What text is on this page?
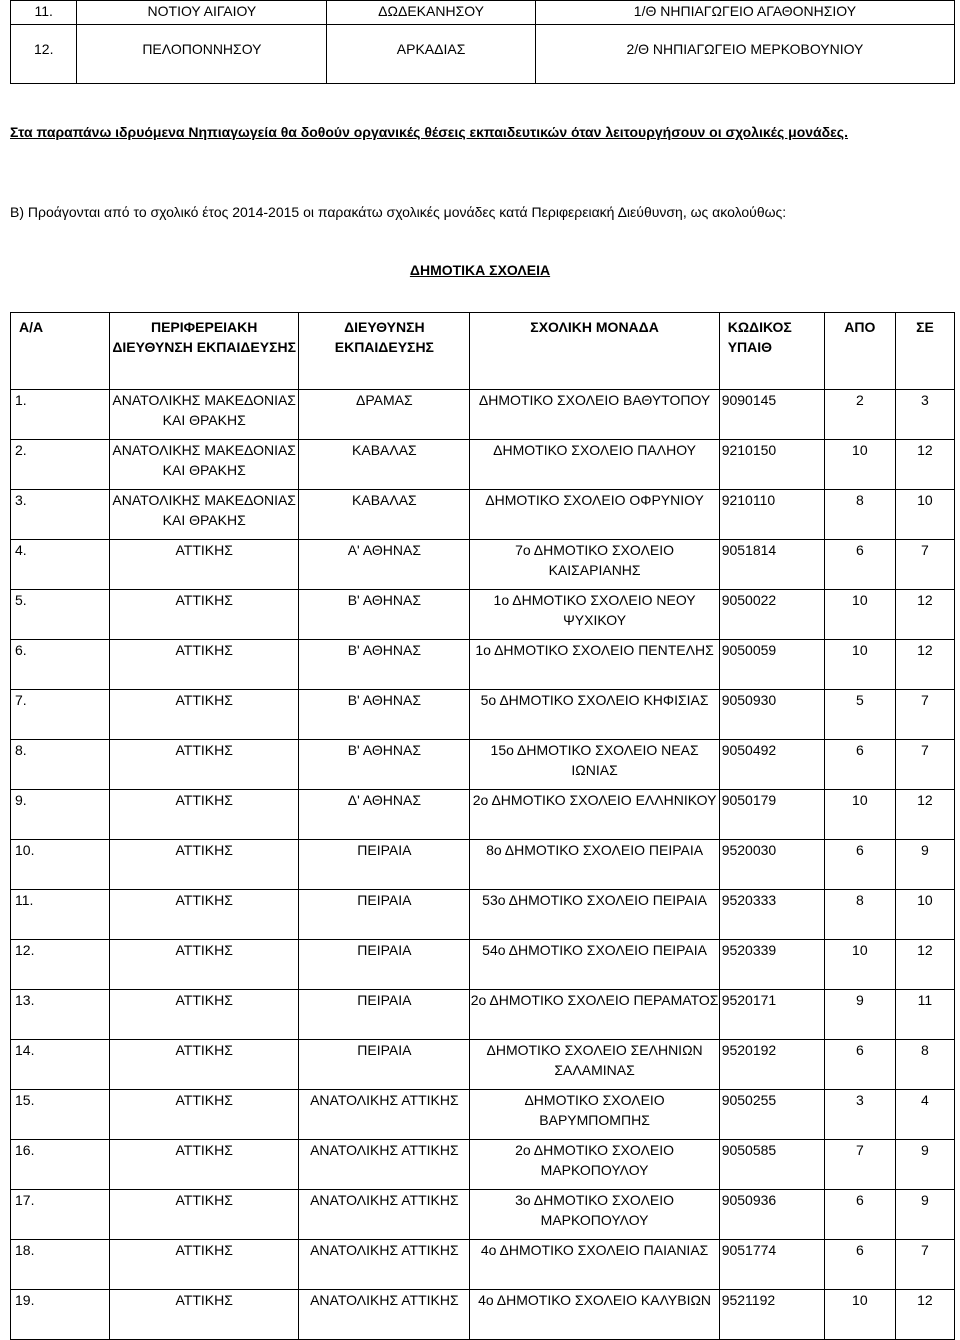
11.	ΝΟΤΙΟΥ ΑΙΓΑΙΟΥ	ΔΩΔΕΚΑΝΗΣΟΥ	1/Θ ΝΗΠΙΑΓΩΓΕΙΟ ΑΓΑΘΟΝΗΣΙΟΥ
12.	ΠΕΛΟΠΟΝΝΗΣΟΥ	ΑΡΚΑΔΙΑΣ	2/Θ ΝΗΠΙΑΓΩΓΕΙΟ ΜΕΡΚΟΒΟΥΝΙΟΥ
Στα παραπάνω ιδρυόμενα Νηπιαγωγεία θα δοθούν οργανικές θέσεις εκπαιδευτικών όταν λειτουργήσουν οι σχολικές μονάδες.
Β) Προάγονται από το σχολικό έτος 2014-2015 οι παρακάτω σχολικές μονάδες κατά Περιφερειακή Διεύθυνση, ως ακολούθως:
ΔΗΜΟΤΙΚΑ ΣΧΟΛΕΙΑ
Α/Α	ΠΕΡΙΦΕΡΕΙΑΚΗ ΔΙΕΥΘΥΝΣΗ ΕΚΠΑΙΔΕΥΣΗΣ	ΔΙΕΥΘΥΝΣΗ ΕΚΠΑΙΔΕΥΣΗΣ	ΣΧΟΛΙΚΗ ΜΟΝΑΔΑ	ΚΩΔΙΚΟΣ ΥΠΑΙΘ	ΑΠΟ	ΣΕ
1.	ΑΝΑΤΟΛΙΚΗΣ ΜΑΚΕΔΟΝΙΑΣ ΚΑΙ ΘΡΑΚΗΣ	ΔΡΑΜΑΣ	ΔΗΜΟΤΙΚΟ ΣΧΟΛΕΙΟ ΒΑΘΥΤΟΠΟΥ	9090145	2	3
2.	ΑΝΑΤΟΛΙΚΗΣ ΜΑΚΕΔΟΝΙΑΣ ΚΑΙ ΘΡΑΚΗΣ	ΚΑΒΑΛΑΣ	ΔΗΜΟΤΙΚΟ ΣΧΟΛΕΙΟ ΠΑΛΗΟΥ	9210150	10	12
3.	ΑΝΑΤΟΛΙΚΗΣ ΜΑΚΕΔΟΝΙΑΣ ΚΑΙ ΘΡΑΚΗΣ	ΚΑΒΑΛΑΣ	ΔΗΜΟΤΙΚΟ ΣΧΟΛΕΙΟ ΟΦΡΥΝΙΟΥ	9210110	8	10
4.	ΑΤΤΙΚΗΣ	Α' ΑΘΗΝΑΣ	7ο ΔΗΜΟΤΙΚΟ ΣΧΟΛΕΙΟ ΚΑΙΣΑΡΙΑΝΗΣ	9051814	6	7
5.	ΑΤΤΙΚΗΣ	Β' ΑΘΗΝΑΣ	1ο ΔΗΜΟΤΙΚΟ ΣΧΟΛΕΙΟ ΝΕΟΥ ΨΥΧΙΚΟΥ	9050022	10	12
6.	ΑΤΤΙΚΗΣ	Β' ΑΘΗΝΑΣ	1ο ΔΗΜΟΤΙΚΟ ΣΧΟΛΕΙΟ ΠΕΝΤΕΛΗΣ	9050059	10	12
7.	ΑΤΤΙΚΗΣ	Β' ΑΘΗΝΑΣ	5ο ΔΗΜΟΤΙΚΟ ΣΧΟΛΕΙΟ ΚΗΦΙΣΙΑΣ	9050930	5	7
8.	ΑΤΤΙΚΗΣ	Β' ΑΘΗΝΑΣ	15ο ΔΗΜΟΤΙΚΟ ΣΧΟΛΕΙΟ ΝΕΑΣ ΙΩΝΙΑΣ	9050492	6	7
9.	ΑΤΤΙΚΗΣ	Δ' ΑΘΗΝΑΣ	2ο ΔΗΜΟΤΙΚΟ ΣΧΟΛΕΙΟ ΕΛΛΗΝΙΚΟΥ	9050179	10	12
10.	ΑΤΤΙΚΗΣ	ΠΕΙΡΑΙΑ	8ο ΔΗΜΟΤΙΚΟ ΣΧΟΛΕΙΟ ΠΕΙΡΑΙΑ	9520030	6	9
11.	ΑΤΤΙΚΗΣ	ΠΕΙΡΑΙΑ	53ο ΔΗΜΟΤΙΚΟ ΣΧΟΛΕΙΟ ΠΕΙΡΑΙΑ	9520333	8	10
12.	ΑΤΤΙΚΗΣ	ΠΕΙΡΑΙΑ	54ο ΔΗΜΟΤΙΚΟ ΣΧΟΛΕΙΟ ΠΕΙΡΑΙΑ	9520339	10	12
13.	ΑΤΤΙΚΗΣ	ΠΕΙΡΑΙΑ	2ο ΔΗΜΟΤΙΚΟ ΣΧΟΛΕΙΟ ΠΕΡΑΜΑΤΟΣ	9520171	9	11
14.	ΑΤΤΙΚΗΣ	ΠΕΙΡΑΙΑ	ΔΗΜΟΤΙΚΟ ΣΧΟΛΕΙΟ ΣΕΛΗΝΙΩΝ ΣΑΛΑΜΙΝΑΣ	9520192	6	8
15.	ΑΤΤΙΚΗΣ	ΑΝΑΤΟΛΙΚΗΣ ΑΤΤΙΚΗΣ	ΔΗΜΟΤΙΚΟ ΣΧΟΛΕΙΟ ΒΑΡΥΜΠΟΜΠΗΣ	9050255	3	4
16.	ΑΤΤΙΚΗΣ	ΑΝΑΤΟΛΙΚΗΣ ΑΤΤΙΚΗΣ	2ο ΔΗΜΟΤΙΚΟ ΣΧΟΛΕΙΟ ΜΑΡΚΟΠΟΥΛΟΥ	9050585	7	9
17.	ΑΤΤΙΚΗΣ	ΑΝΑΤΟΛΙΚΗΣ ΑΤΤΙΚΗΣ	3ο ΔΗΜΟΤΙΚΟ ΣΧΟΛΕΙΟ ΜΑΡΚΟΠΟΥΛΟΥ	9050936	6	9
18.	ΑΤΤΙΚΗΣ	ΑΝΑΤΟΛΙΚΗΣ ΑΤΤΙΚΗΣ	4ο ΔΗΜΟΤΙΚΟ ΣΧΟΛΕΙΟ ΠΑΙΑΝΙΑΣ	9051774	6	7
19.	ΑΤΤΙΚΗΣ	ΑΝΑΤΟΛΙΚΗΣ ΑΤΤΙΚΗΣ	4ο ΔΗΜΟΤΙΚΟ ΣΧΟΛΕΙΟ ΚΑΛΥΒΙΩΝ	9521192	10	12
